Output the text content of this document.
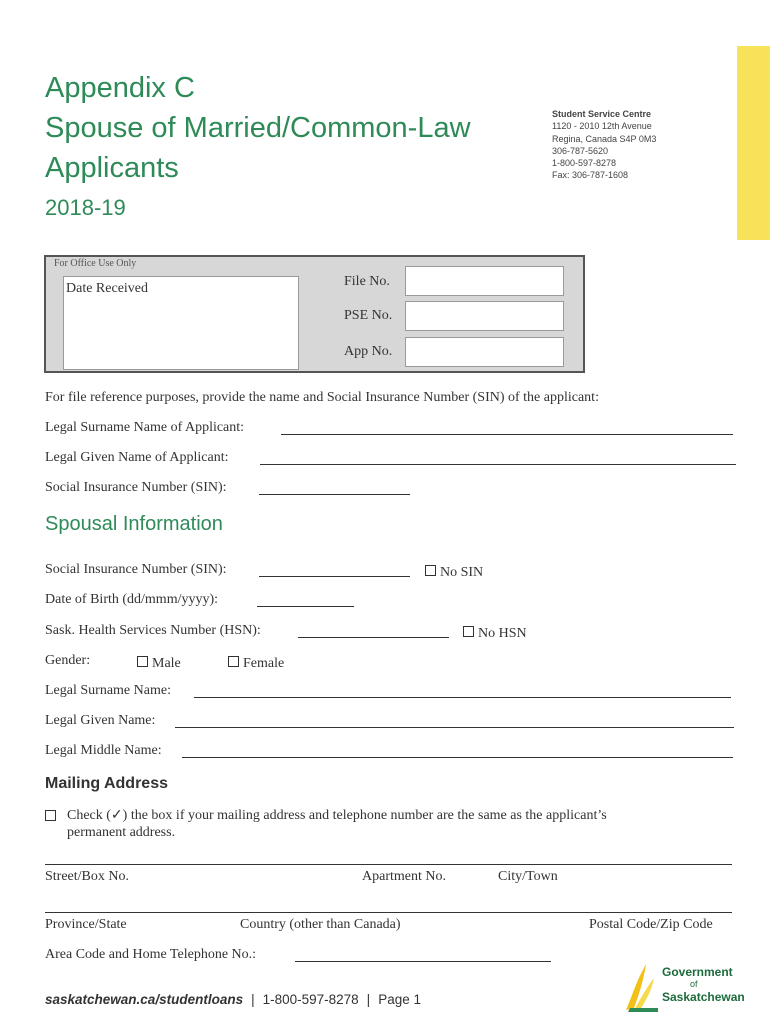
Appendix C
Spouse of Married/Common-Law
Applicants
2018-19
Student Service Centre
1120 - 2010 12th Avenue
Regina, Canada S4P 0M3
306-787-5620
1-800-597-8278
Fax: 306-787-1608
For Office Use Only
Date Received	File No.
PSE No.
App No.
For file reference purposes, provide the name and Social Insurance Number (SIN) of the applicant:
Legal Surname Name of Applicant:
Legal Given Name of Applicant:
Social Insurance Number (SIN):
Spousal Information
Social Insurance Number (SIN):	No SIN
Date of Birth (dd/mmm/yyyy):
Sask. Health Services Number (HSN):	No HSN
Gender:	Male	Female
Legal Surname Name:
Legal Given Name:
Legal Middle Name:
Mailing Address
Check (✓) the box if your mailing address and telephone number are the same as the applicant’s
permanent address.
Street/Box No.	Apartment No.	City/Town
Province/State	Country (other than Canada)	Postal Code/Zip Code
Area Code and Home Telephone No.:
saskatchewan.ca/studentloans | 1-800-597-8278 | Page 1
Government
of
Saskatchewan
